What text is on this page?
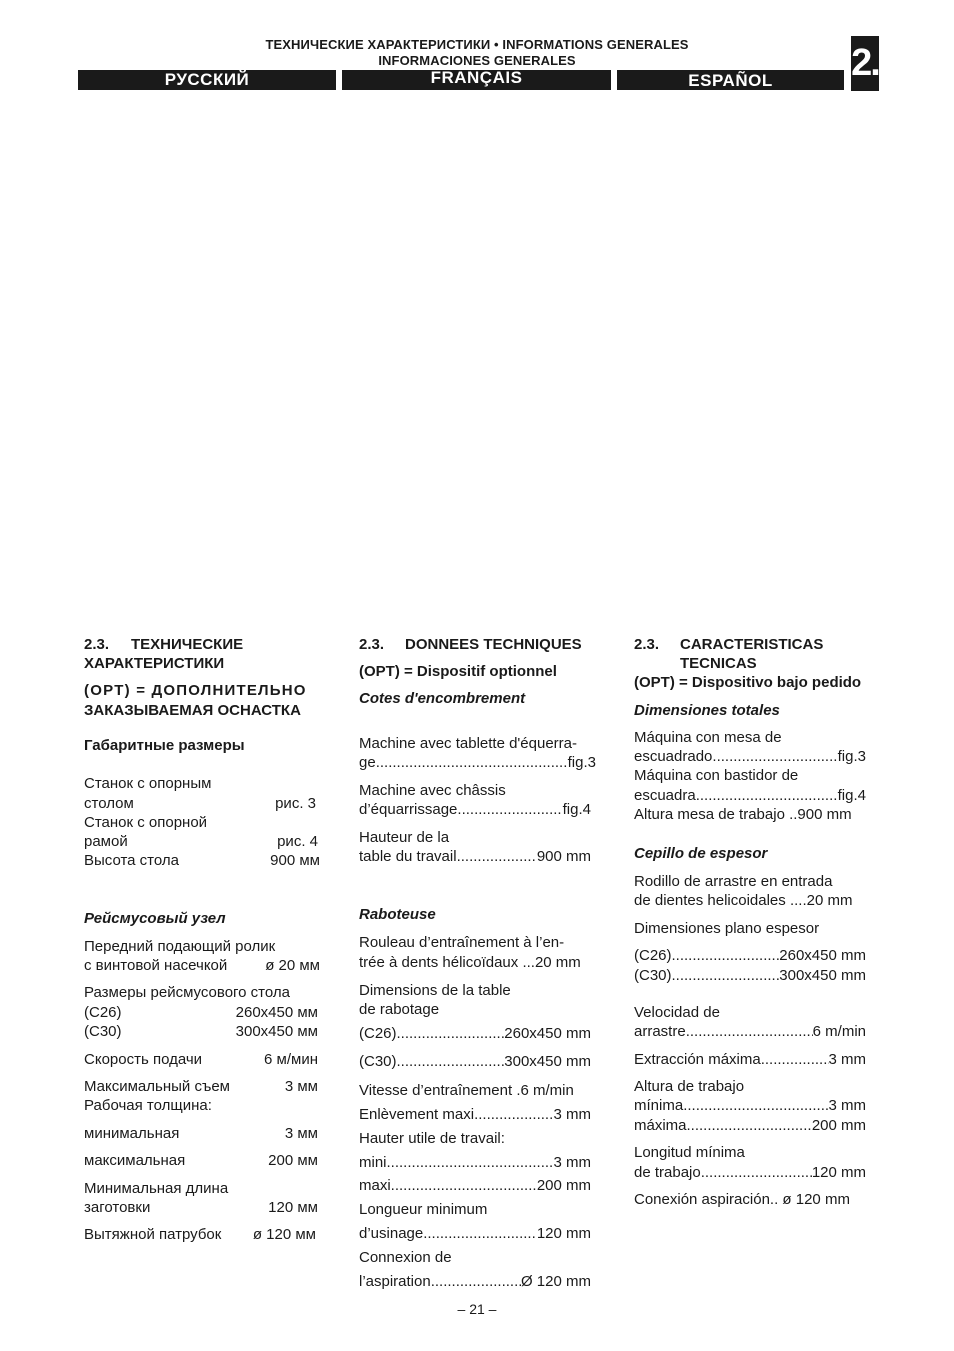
ТЕХНИЧЕСКИЕ ХАРАКТЕРИСТИКИ • INFORMATIONS GENERALES
INFORMACIONES GENERALES
РУССКИЙ	FRANÇAIS	ESPAÑOL	2.
2.3. ТЕХНИЧЕСКИЕ
ХАРАКТЕРИСТИКИ
(OPT) = ДОПОЛНИТЕЛЬНО
ЗАКАЗЫВАЕМАЯ ОСНАСТКА
Габаритные размеры
Станок с опорным
столом	рис. 3
Станок с опорной
рамой	рис. 4
Высота стола	900 мм
Рейсмусовый узел
Передний подающий ролик
с винтовой насечкой	ø 20 мм
Размеры рейсмусового стола
(C26)	260x450 мм
(C30)	300x450 мм
Скорость подачи	6 м/мин
Максимальный съем	3 мм
Рабочая толщина:
минимальная	3 мм
максимальная	200 мм
Минимальная длина
заготовки	120 мм
Вытяжной патрубок	ø 120 мм
2.3. DONNEES TECHNIQUES
(OPT) = Dispositif optionnel
Cotes d'encombrement
Machine avec tablette d'équerra-
ge .....	fig.3
Machine avec châssis
d’équarrissage .....	fig.4
Hauteur de la
table du travail .....	900 mm
Raboteuse
Rouleau d’entraînement à l’en-
trée à dents hélicoïdaux ...20 mm
Dimensions de la table
de rabotage
(C26) .....	260x450 mm
(C30) .....	300x450 mm
Vitesse d’entraînement .6 m/min
Enlèvement maxi .....	3 mm
Hauter utile de travail:
mini .....	3 mm
maxi .....	200 mm
Longueur minimum
d’usinage .....	120 mm
Connexion de
l’aspiration .....	Ø 120 mm
2.3. CARACTERISTICAS
TECNICAS
(OPT) = Dispositivo bajo pedido
Dimensiones totales
Máquina con mesa de
escuadrado .....	fig.3
Máquina con bastidor de
escuadra .....	fig.4
Altura mesa de trabajo ..900 mm
Cepillo de espesor
Rodillo de arrastre en entrada
de dientes helicoidales ....20 mm
Dimensiones plano espesor
(C26) .....	260x450 mm
(C30) .....	300x450 mm
Velocidad de
arrastre .....	6 m/min
Extracción máxima .....	3 mm
Altura de trabajo
mínima .....	3 mm
máxima .....	200 mm
Longitud mínima
de trabajo .....	120 mm
Conexión aspiración.. ø 120 mm
– 21 –
